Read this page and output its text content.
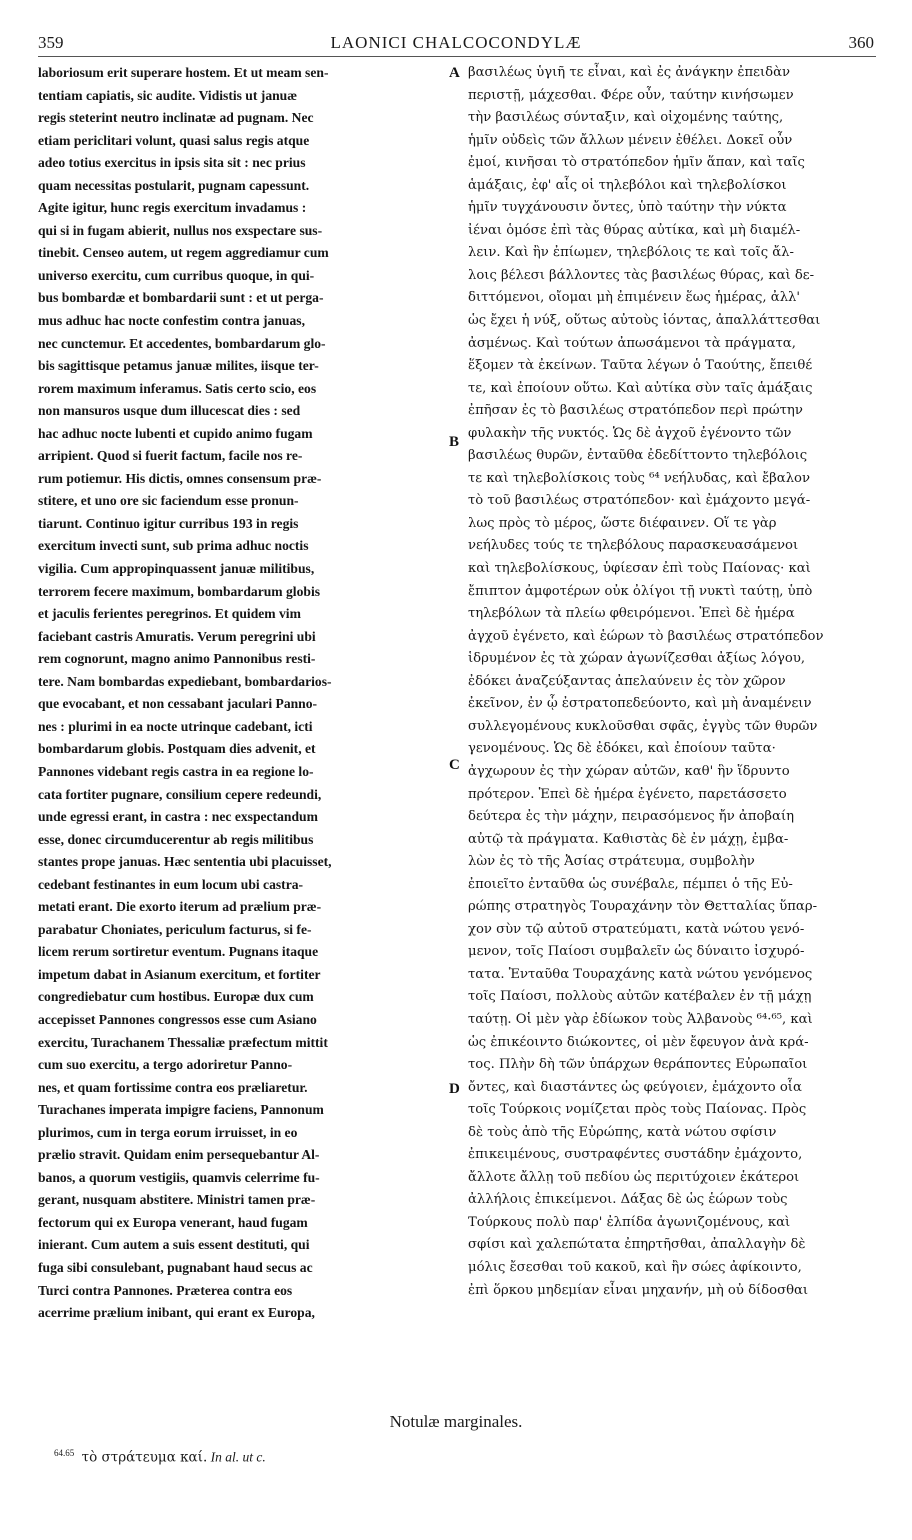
359	LAONICI CHALCOCONDYLÆ	360
laboriosum erit superare hostem. Et ut meam sen-
tentiam capiatis, sic audite. Vidistis ut januæ
regis steterint neutro inclinatæ ad pugnam. Nec
etiam periclitari volunt, quasi salus regis atque
adeo totius exercitus in ipsis sita sit : nec prius
quam necessitas postularit, pugnam capessunt.
Agite igitur, hunc regis exercitum invadamus :
qui si in fugam abierit, nullus nos exspectare sus-
tinebit. Censeo autem, ut regem aggrediamur cum
universo exercitu, cum curribus quoque, in qui-
bus bombardæ et bombardarii sunt : et ut perga-
mus adhuc hac nocte confestim contra januas,
nec cunctemur. Et accedentes, bombardarum glo-
bis sagittisque petamus januæ milites, iisque ter-
rorem maximum inferamus. Satis certo scio, eos
non mansuros usque dum illucescat dies : sed
hac adhuc nocte lubenti et cupido animo fugam
arripient. Quod si fuerit factum, facile nos re-
rum potiemur. His dictis, omnes consensum præ-
stitere, et uno ore sic faciendum esse pronun-
tiarunt. Continuo igitur curribus 193 in regis
exercitum invecti sunt, sub prima adhuc noctis
vigilia. Cum appropinquassent januæ militibus,
terrorem fecere maximum, bombardarum globis
et jaculis ferientes peregrinos. Et quidem vim
faciebant castris Amuratis. Verum peregrini ubi
rem cognorunt, magno animo Pannonibus resti-
tere. Nam bombardas expediebant, bombardarios-
que evocabant, et non cessabant jaculari Panno-
nes : plurimi in ea nocte utrinque cadebant, icti
bombardarum globis. Postquam dies advenit, et
Pannones videbant regis castra in ea regione lo-
cata fortiter pugnare, consilium cepere redeundi,
unde egressi erant, in castra : nec exspectandum
esse, donec circumducerentur ab regis militibus
stantes prope januas. Hæc sententia ubi placuisset,
cedebant festinantes in eum locum ubi castra-
metati erant. Die exorto iterum ad prælium præ-
parabatur Choniates, periculum facturus, si fe-
licem rerum sortiretur eventum. Pugnans itaque
impetum dabat in Asianum exercitum, et fortiter
congrediebatur cum hostibus. Europæ dux cum
accepisset Pannones congressos esse cum Asiano
exercitu, Turachanem Thessaliæ præfectum mittit
cum suo exercitu, a tergo adoriretur Panno-
nes, et quam fortissime contra eos præliaretur.
Turachanes imperata impigre faciens, Pannonum
plurimos, cum in terga eorum irruisset, in eo
prælio stravit. Quidam enim persequebantur Al-
banos, a quorum vestigiis, quamvis celerrime fu-
gerant, nusquam abstitere. Ministri tamen præ-
fectorum qui ex Europa venerant, haud fugam
inierant. Cum autem a suis essent destituti, qui
fuga sibi consulebant, pugnabant haud secus ac
Turci contra Pannones. Præterea contra eos
acerrime prælium inibant, qui erant ex Europa,
βασιλέως ὑγιῆ τε εἶναι, καὶ ἐς ἀνάγκην ἐπειδὰν
περιστῇ, μάχεσθαι. Φέρε οὖν, ταύτην κινήσωμεν
τὴν βασιλέως σύνταξιν, καὶ οἰχομένης ταύτης,
ἡμῖν οὐδεὶς τῶν ἄλλων μένειν ἐθέλει. Δοκεῖ οὖν
ἐμοί, κινῆσαι τὸ στρατόπεδον ἡμῖν ἅπαν, καὶ ταῖς
ἁμάξαις, ἐφ' αἷς οἱ τηλεβόλοι καὶ τηλεβολίσκοι
ἡμῖν τυγχάνουσιν ὄντες, ὑπὸ ταύτην τὴν νύκτα
ἰέναι ὁμόσε ἐπὶ τὰς θύρας αὐτίκα, καὶ μὴ διαμέλ-
λειν. Καὶ ἢν ἐπίωμεν, τηλεβόλοις τε καὶ τοῖς ἄλ-
λοις βέλεσι βάλλοντες τὰς βασιλέως θύρας, καὶ δε-
διττόμενοι, οἴομαι μὴ ἐπιμένειν ἕως ἡμέρας, ἀλλ'
ὡς ἔχει ἡ νύξ, οὕτως αὐτοὺς ἰόντας, ἀπαλλάττεσθαι
ἀσμένως. Καὶ τούτων ἀπωσάμενοι τὰ πράγματα,
ἕξομεν τὰ ἐκείνων. Ταῦτα λέγων ὁ Ταούτης, ἔπειθέ
τε, καὶ ἐποίουν οὕτω. Καὶ αὐτίκα σὺν ταῖς ἁμάξαις
ἐπῆσαν ἐς τὸ βασιλέως στρατόπεδον περὶ πρώτην
φυλακὴν τῆς νυκτός. Ὡς δὲ ἀγχοῦ ἐγένοντο τῶν
βασιλέως θυρῶν, ἐνταῦθα ἐδεδίττοντο τηλεβόλοις
τε καὶ τηλεβολίσκοις τοὺς ⁶⁴ νεήλυδας, καὶ ἔβαλον
τὸ τοῦ βασιλέως στρατόπεδον· καὶ ἐμάχοντο μεγά-
λως πρὸς τὸ μέρος, ὥστε διέφαινεν. Οἵ τε γὰρ
νεήλυδες τούς τε τηλεβόλους παρασκευασάμενοι
καὶ τηλεβολίσκους, ὑφίεσαν ἐπὶ τοὺς Παίονας· καὶ
ἔπιπτον ἀμφοτέρων οὐκ ὀλίγοι τῇ νυκτὶ ταύτῃ, ὑπὸ
τηλεβόλων τὰ πλείω φθειρόμενοι. Ἐπεὶ δὲ ἡμέρα
ἀγχοῦ ἐγένετο, καὶ ἑώρων τὸ βασιλέως στρατόπεδον
ἱδρυμένον ἐς τὰ χώραν ἀγωνίζεσθαι ἀξίως λόγου,
ἐδόκει ἀναζεύξαντας ἀπελαύνειν ἐς τὸν χῶρον
ἐκεῖνον, ἐν ᾧ ἐστρατοπεδεύοντο, καὶ μὴ ἀναμένειν
συλλεγομένους κυκλοῦσθαι σφᾶς, ἐγγὺς τῶν θυρῶν
γενομένους. Ὡς δὲ ἐδόκει, καὶ ἐποίουν ταῦτα·
ἀγχωρουν ἐς τὴν χώραν αὐτῶν, καθ' ἣν ἵδρυντο
πρότερον. Ἐπεὶ δὲ ἡμέρα ἐγένετο, παρετάσσετο
δεύτερα ἐς τὴν μάχην, πειρασόμενος ἤν ἀποβαίη
αὐτῷ τὰ πράγματα. Καθιστὰς δὲ ἐν μάχῃ, ἐμβα-
λὼν ἐς τὸ τῆς Ἀσίας στράτευμα, συμβολὴν
ἐποιεῖτο ἐνταῦθα ὡς συνέβαλε, πέμπει ὁ τῆς Εὐ-
ρώπης στρατηγὸς Τουραχάνην τὸν Θετταλίας ὕπαρ-
χον σὺν τῷ αὐτοῦ στρατεύματι, κατὰ νώτου γενό-
μενον, τοῖς Παίοσι συμβαλεῖν ὡς δύναιτο ἰσχυρό-
τατα. Ἐνταῦθα Τουραχάνης κατὰ νώτου γενόμενος
τοῖς Παίοσι, πολλοὺς αὐτῶν κατέβαλεν ἐν τῇ μάχῃ
ταύτῃ. Οἱ μὲν γὰρ ἐδίωκον τοὺς Ἀλβανοὺς ⁶⁴·⁶⁵, καὶ
ὡς ἐπικέοιντο διώκοντες, οἱ μὲν ἔφευγον ἀνὰ κρά-
τος. Πλὴν δὴ τῶν ὑπάρχων θεράποντες Εὐρωπαῖοι
ὄντες, καὶ διαστάντες ὡς φεύγοιεν, ἐμάχοντο οἷα
τοῖς Τούρκοις νομίζεται πρὸς τοὺς Παίονας. Πρὸς
δὲ τοὺς ἀπὸ τῆς Εὐρώπης, κατὰ νώτου σφίσιν
ἐπικειμένους, συστραφέντες συστάδην ἐμάχοντο,
ἄλλοτε ἄλλῃ τοῦ πεδίου ὡς περιτύχοιεν ἑκάτεροι
ἀλλήλοις ἐπικείμενοι. Δάξας δὲ ὡς ἑώρων τοὺς
Τούρκους πολὺ παρ' ἐλπίδα ἀγωνιζομένους, καὶ
σφίσι καὶ χαλεπώτατα ἐπηρτῆσθαι, ἀπαλλαγὴν δὲ
μόλις ἔσεσθαι τοῦ κακοῦ, καὶ ἢν σώες ἀφίκοιντο,
ἐπὶ ὅρκου μηδεμίαν εἶναι μηχανήν, μὴ οὐ δίδοσθαι
A
B
C
D
Notulæ marginales.
$^{64.65}$ τὸ στράτευμα καί. In al. ut c.
